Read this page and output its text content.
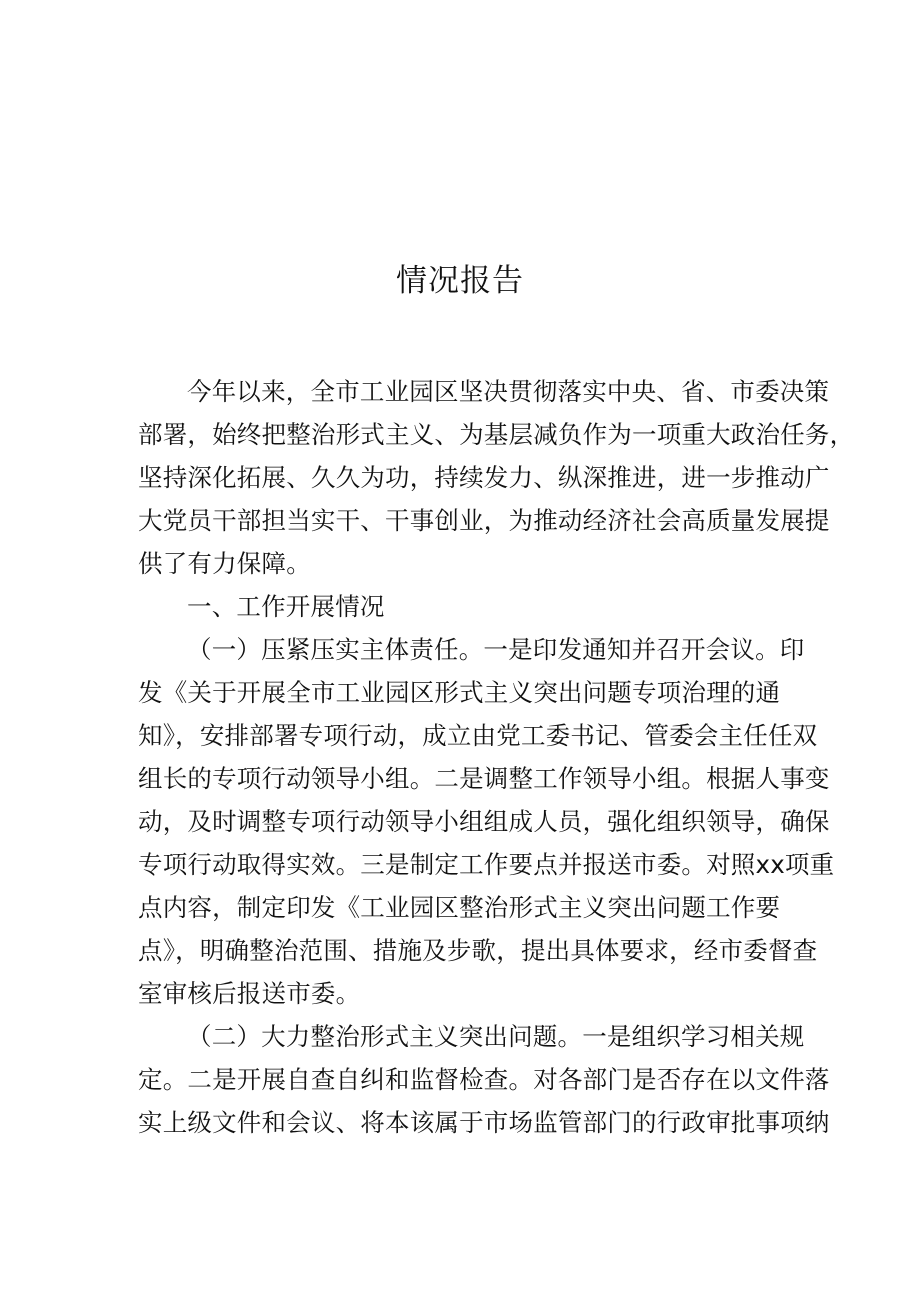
情况报告
今年以来，全市工业园区坚决贯彻落实中央、省、市委决策
部署，始终把整治形式主义、为基层减负作为一项重大政治任务，
坚持深化拓展、久久为功，持续发力、纵深推进，进一步推动广
大党员干部担当实干、干事创业，为推动经济社会高质量发展提
供了有力保障。
一、工作开展情况
（一）压紧压实主体责任。一是印发通知并召开会议。印
发《关于开展全市工业园区形式主义突出问题专项治理的通
知》，安排部署专项行动，成立由党工委书记、管委会主任任双
组长的专项行动领导小组。二是调整工作领导小组。根据人事变
动，及时调整专项行动领导小组组成人员，强化组织领导，确保
专项行动取得实效。三是制定工作要点并报送市委。对照xx项重
点内容，制定印发《工业园区整治形式主义突出问题工作要
点》，明确整治范围、措施及步歌，提出具体要求，经市委督查
室审核后报送市委。
（二）大力整治形式主义突出问题。一是组织学习相关规
定。二是开展自查自纠和监督检查。对各部门是否存在以文件落
实上级文件和会议、将本该属于市场监管部门的行政审批事项纳
